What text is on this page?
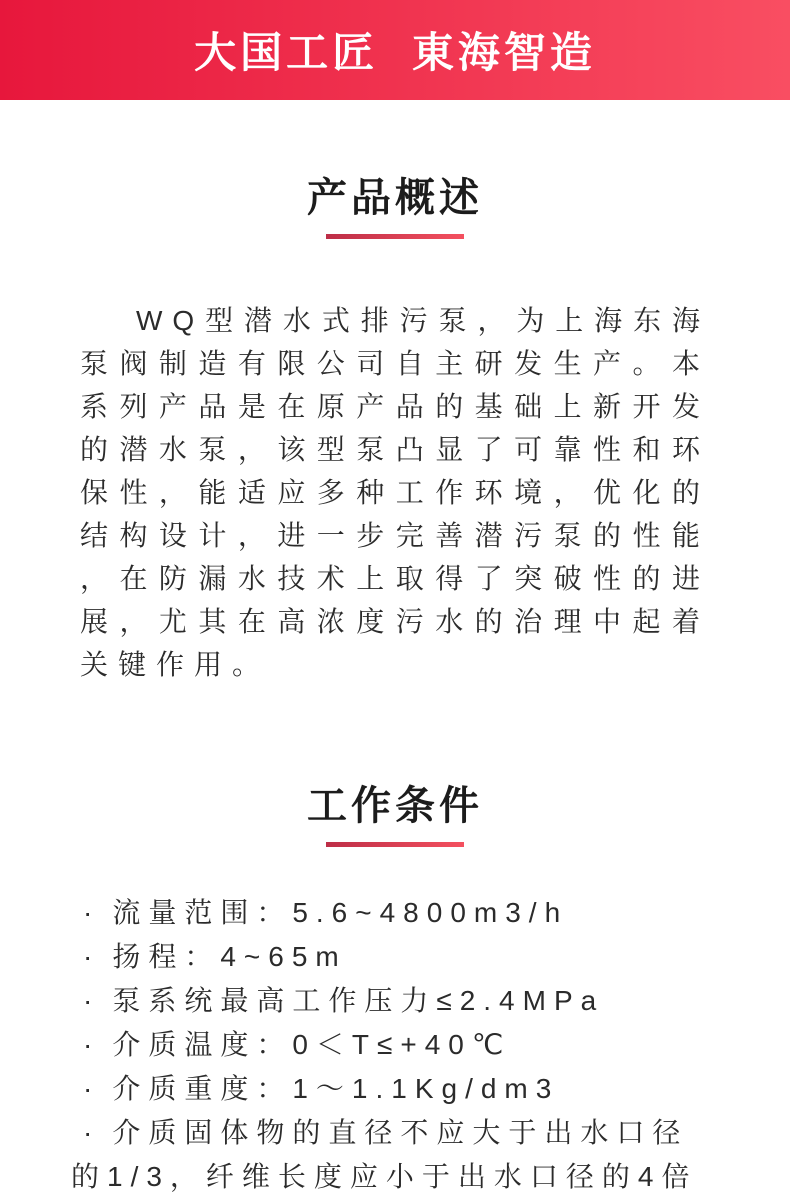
大国工匠 東海智造
产品概述
WQ型潜水式排污泵，为上海东海泵阀制造有限公司自主研发生产。本系列产品是在原产品的基础上新开发的潜水泵，该型泵凸显了可靠性和环保性，能适应多种工作环境，优化的结构设计，进一步完善潜污泵的性能，在防漏水技术上取得了突破性的进展，尤其在高浓度污水的治理中起着关键作用。
工作条件
· 流量范围：5.6~4800m3/h
· 扬程：4~65m
· 泵系统最高工作压力≤2.4MPa
· 介质温度：0＜T≤+40℃
· 介质重度：1～1.1Kg/dm3
· 介质固体物的直径不应大于出水口径的1/3，纤维长度应小于出水口径的4倍
